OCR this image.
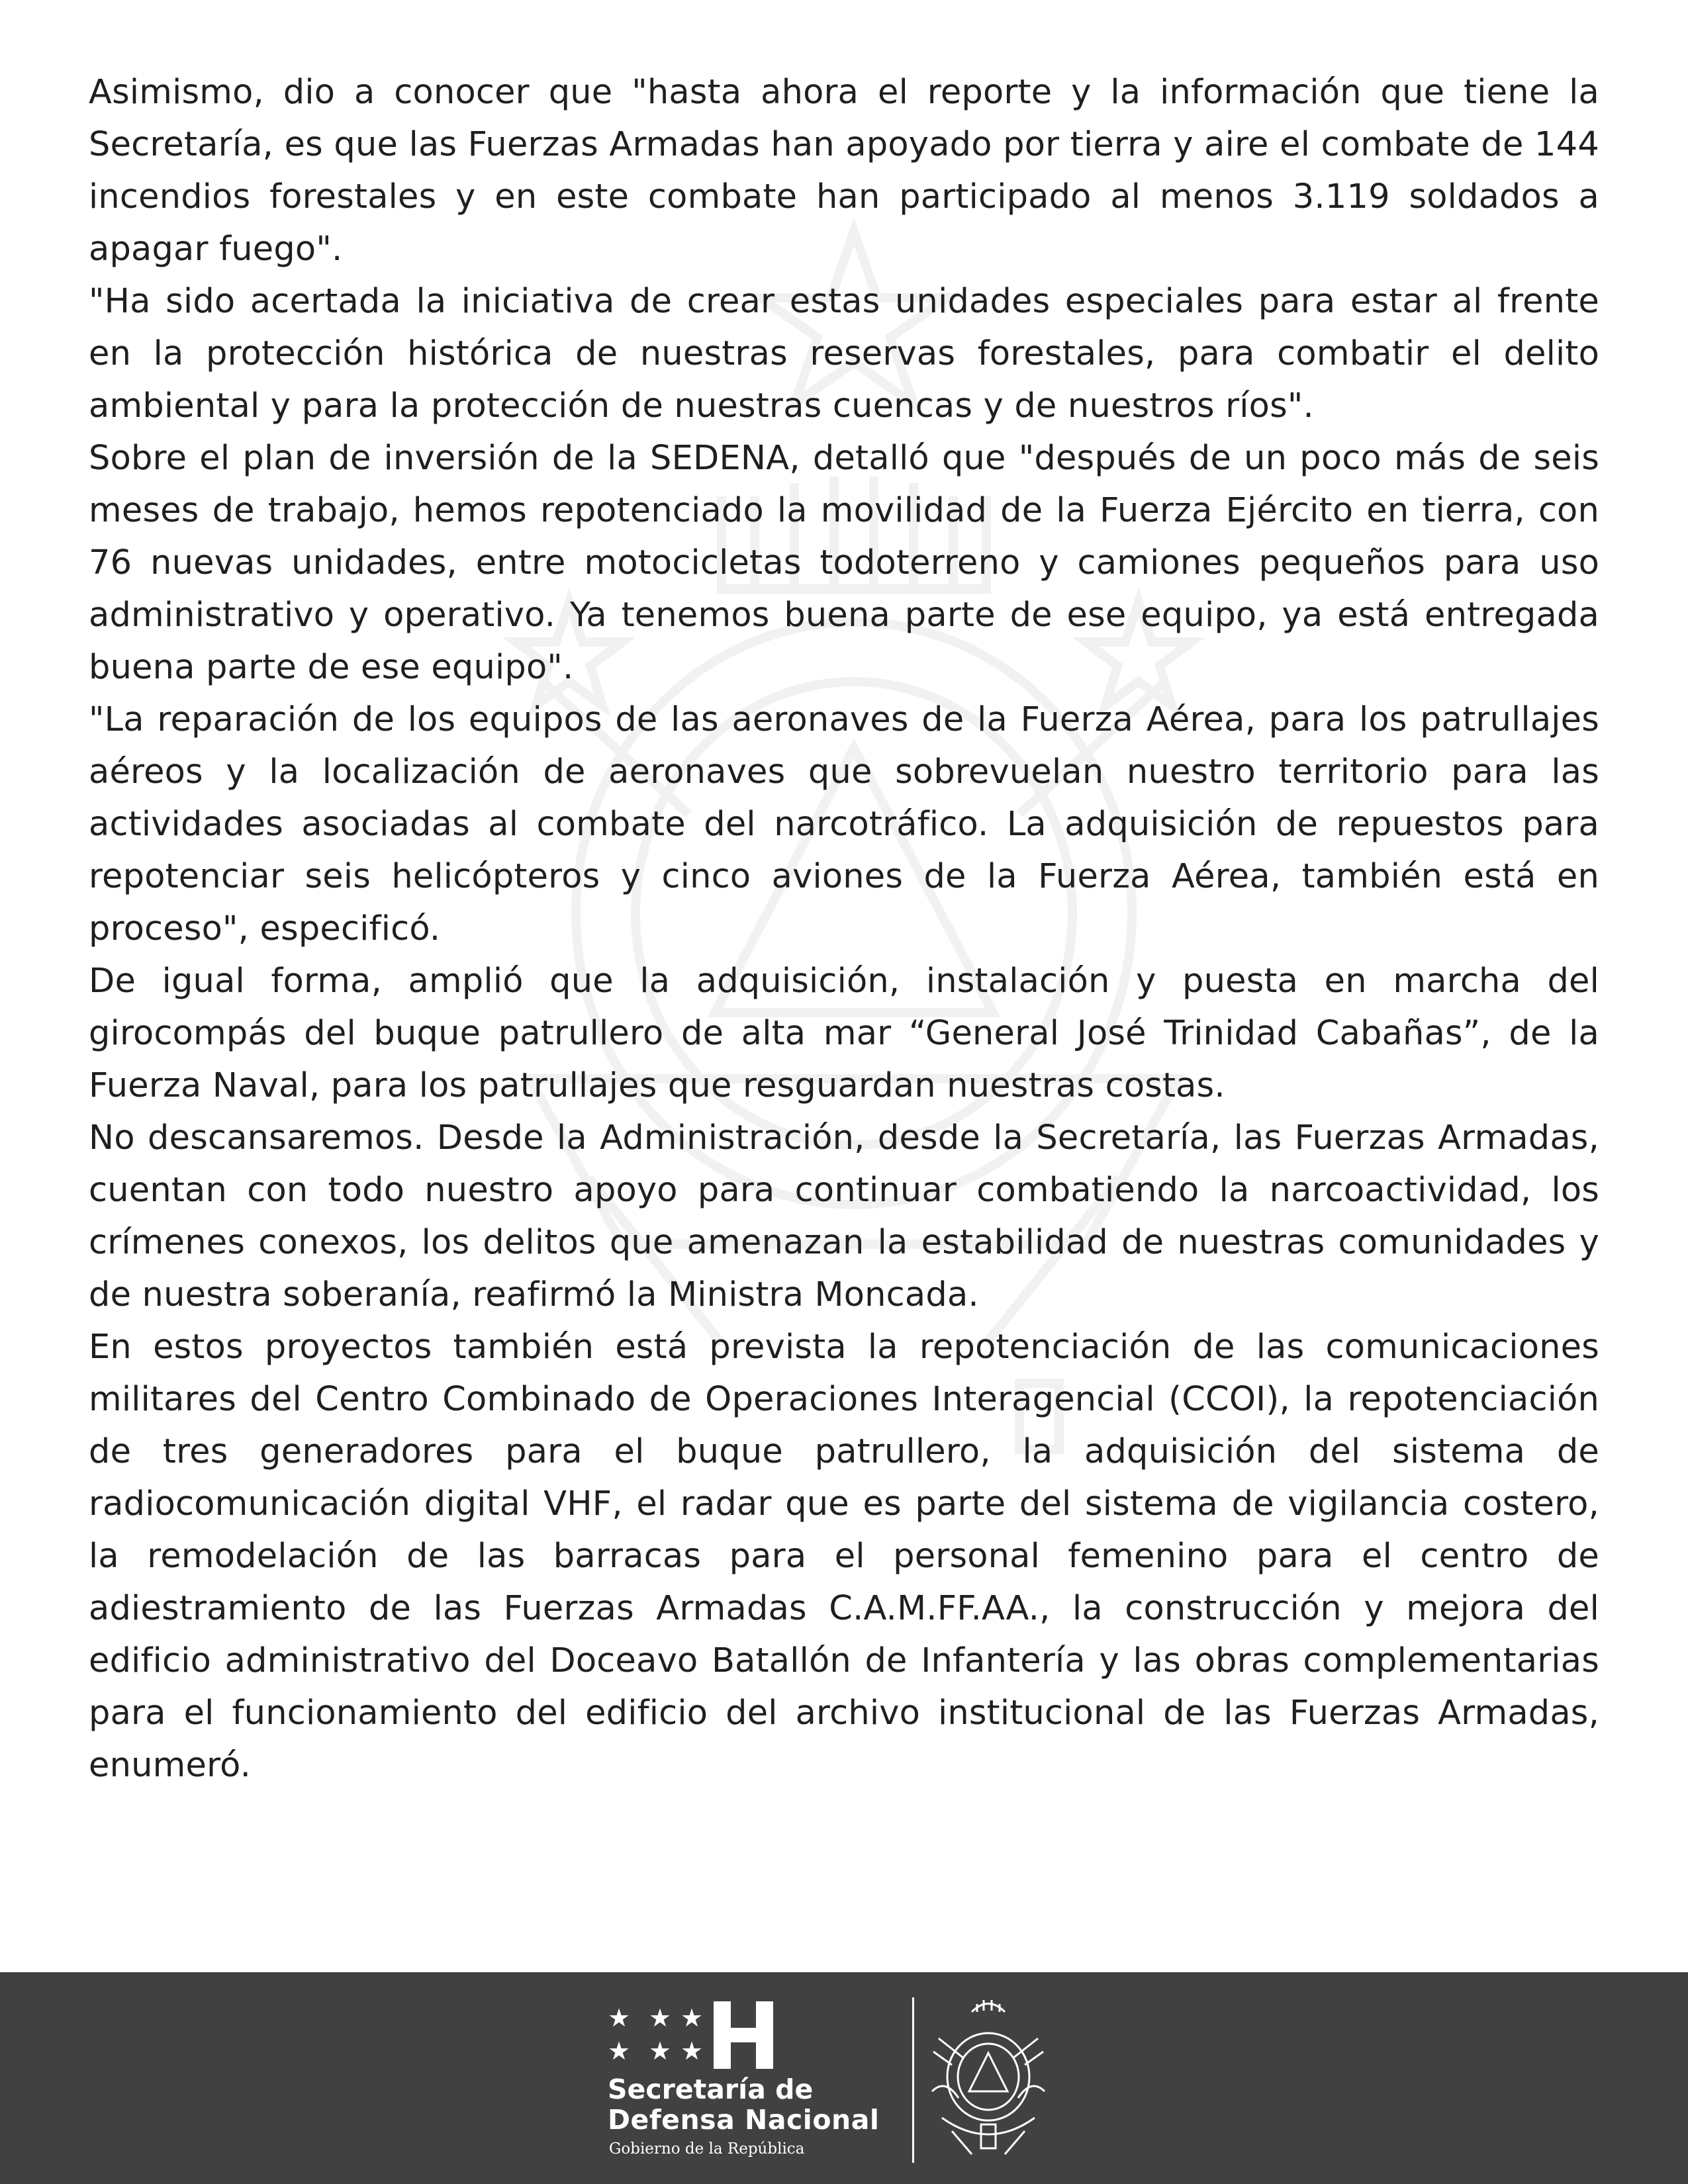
Asimismo, dio a conocer que "hasta ahora el reporte y la información que tiene la Secretaría, es que las Fuerzas Armadas han apoyado por tierra y aire el combate de 144 incendios forestales y en este combate han participado al menos 3.119 soldados a apagar fuego".

"Ha sido acertada la iniciativa de crear estas unidades especiales para estar al frente en la protección histórica de nuestras reservas forestales, para combatir el delito ambiental y para la protección de nuestras cuencas y de nuestros ríos".

Sobre el plan de inversión de la SEDENA, detalló que "después de un poco más de seis meses de trabajo, hemos repotenciado la movilidad de la Fuerza Ejército en tierra, con 76 nuevas unidades, entre motocicletas todoterreno y camiones pequeños para uso administrativo y operativo. Ya tenemos buena parte de ese equipo, ya está entregada buena parte de ese equipo".

"La reparación de los equipos de las aeronaves de la Fuerza Aérea, para los patrullajes aéreos y la localización de aeronaves que sobrevuelan nuestro territorio para las actividades asociadas al combate del narcotráfico. La adquisición de repuestos para repotenciar seis helicópteros y cinco aviones de la Fuerza Aérea, también está en proceso", especificó.

De igual forma, amplió que la adquisición, instalación y puesta en marcha del girocompás del buque patrullero de alta mar “General José Trinidad Cabañas”, de la Fuerza Naval, para los patrullajes que resguardan nuestras costas.

No descansaremos. Desde la Administración, desde la Secretaría, las Fuerzas Armadas, cuentan con todo nuestro apoyo para continuar combatiendo la narcoactividad, los crímenes conexos, los delitos que amenazan la estabilidad de nuestras comunidades y de nuestra soberanía, reafirmó la Ministra Moncada.

En estos proyectos también está prevista la repotenciación de las comunicaciones militares del Centro Combinado de Operaciones Interagencial (CCOI), la repotenciación de tres generadores para el buque patrullero, la adquisición del sistema de radiocomunicación digital VHF, el radar que es parte del sistema de vigilancia costero, la remodelación de las barracas para el personal femenino para el centro de adiestramiento de las Fuerzas Armadas C.A.M.FF.AA., la construcción y mejora del edificio administrativo del Doceavo Batallón de Infantería y las obras complementarias para el funcionamiento del edificio del archivo institucional de las Fuerzas Armadas, enumeró.

★ ★ ★
★ ★ ★
Secretaría de
Defensa Nacional
Gobierno de la República
